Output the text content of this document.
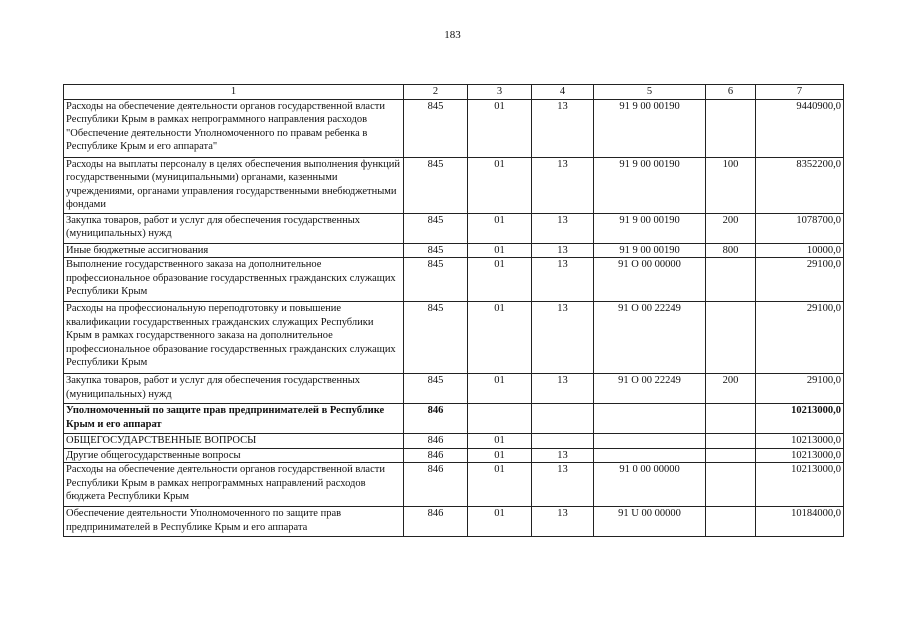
183
1	2	3	4	5	6	7
Расходы на обеспечение деятельности органов государственной власти Республики Крым в рамках непрограммного направления расходов "Обеспечение деятельности Уполномоченного по правам ребенка в Республике Крым и его аппарата"	845	01	13	91 9 00 00190		9440900,0
Расходы на выплаты персоналу в целях обеспечения выполнения функций государственными (муниципальными) органами, казенными учреждениями, органами управления государственными внебюджетными фондами	845	01	13	91 9 00 00190	100	8352200,0
Закупка товаров, работ и услуг для обеспечения государственных (муниципальных) нужд	845	01	13	91 9 00 00190	200	1078700,0
Иные бюджетные ассигнования	845	01	13	91 9 00 00190	800	10000,0
Выполнение государственного заказа на дополнительное профессиональное образование государственных гражданских служащих Республики Крым	845	01	13	91 О 00 00000		29100,0
Расходы на профессиональную переподготовку и повышение квалификации государственных гражданских служащих Республики Крым в рамках государственного заказа на дополнительное профессиональное образование государственных гражданских служащих Республики Крым	845	01	13	91 О 00 22249		29100,0
Закупка товаров, работ и услуг для обеспечения государственных (муниципальных) нужд	845	01	13	91 О 00 22249	200	29100,0
Уполномоченный по защите прав предпринимателей в Республике Крым и его аппарат	846					10213000,0
ОБЩЕГОСУДАРСТВЕННЫЕ ВОПРОСЫ	846	01				10213000,0
Другие общегосударственные вопросы	846	01	13			10213000,0
Расходы на обеспечение деятельности органов государственной власти Республики Крым в рамках непрограммных направлений расходов бюджета Республики Крым	846	01	13	91 0 00 00000		10213000,0
Обеспечение деятельности Уполномоченного по защите прав предпринимателей в Республике Крым и его аппарата	846	01	13	91 U 00 00000		10184000,0
